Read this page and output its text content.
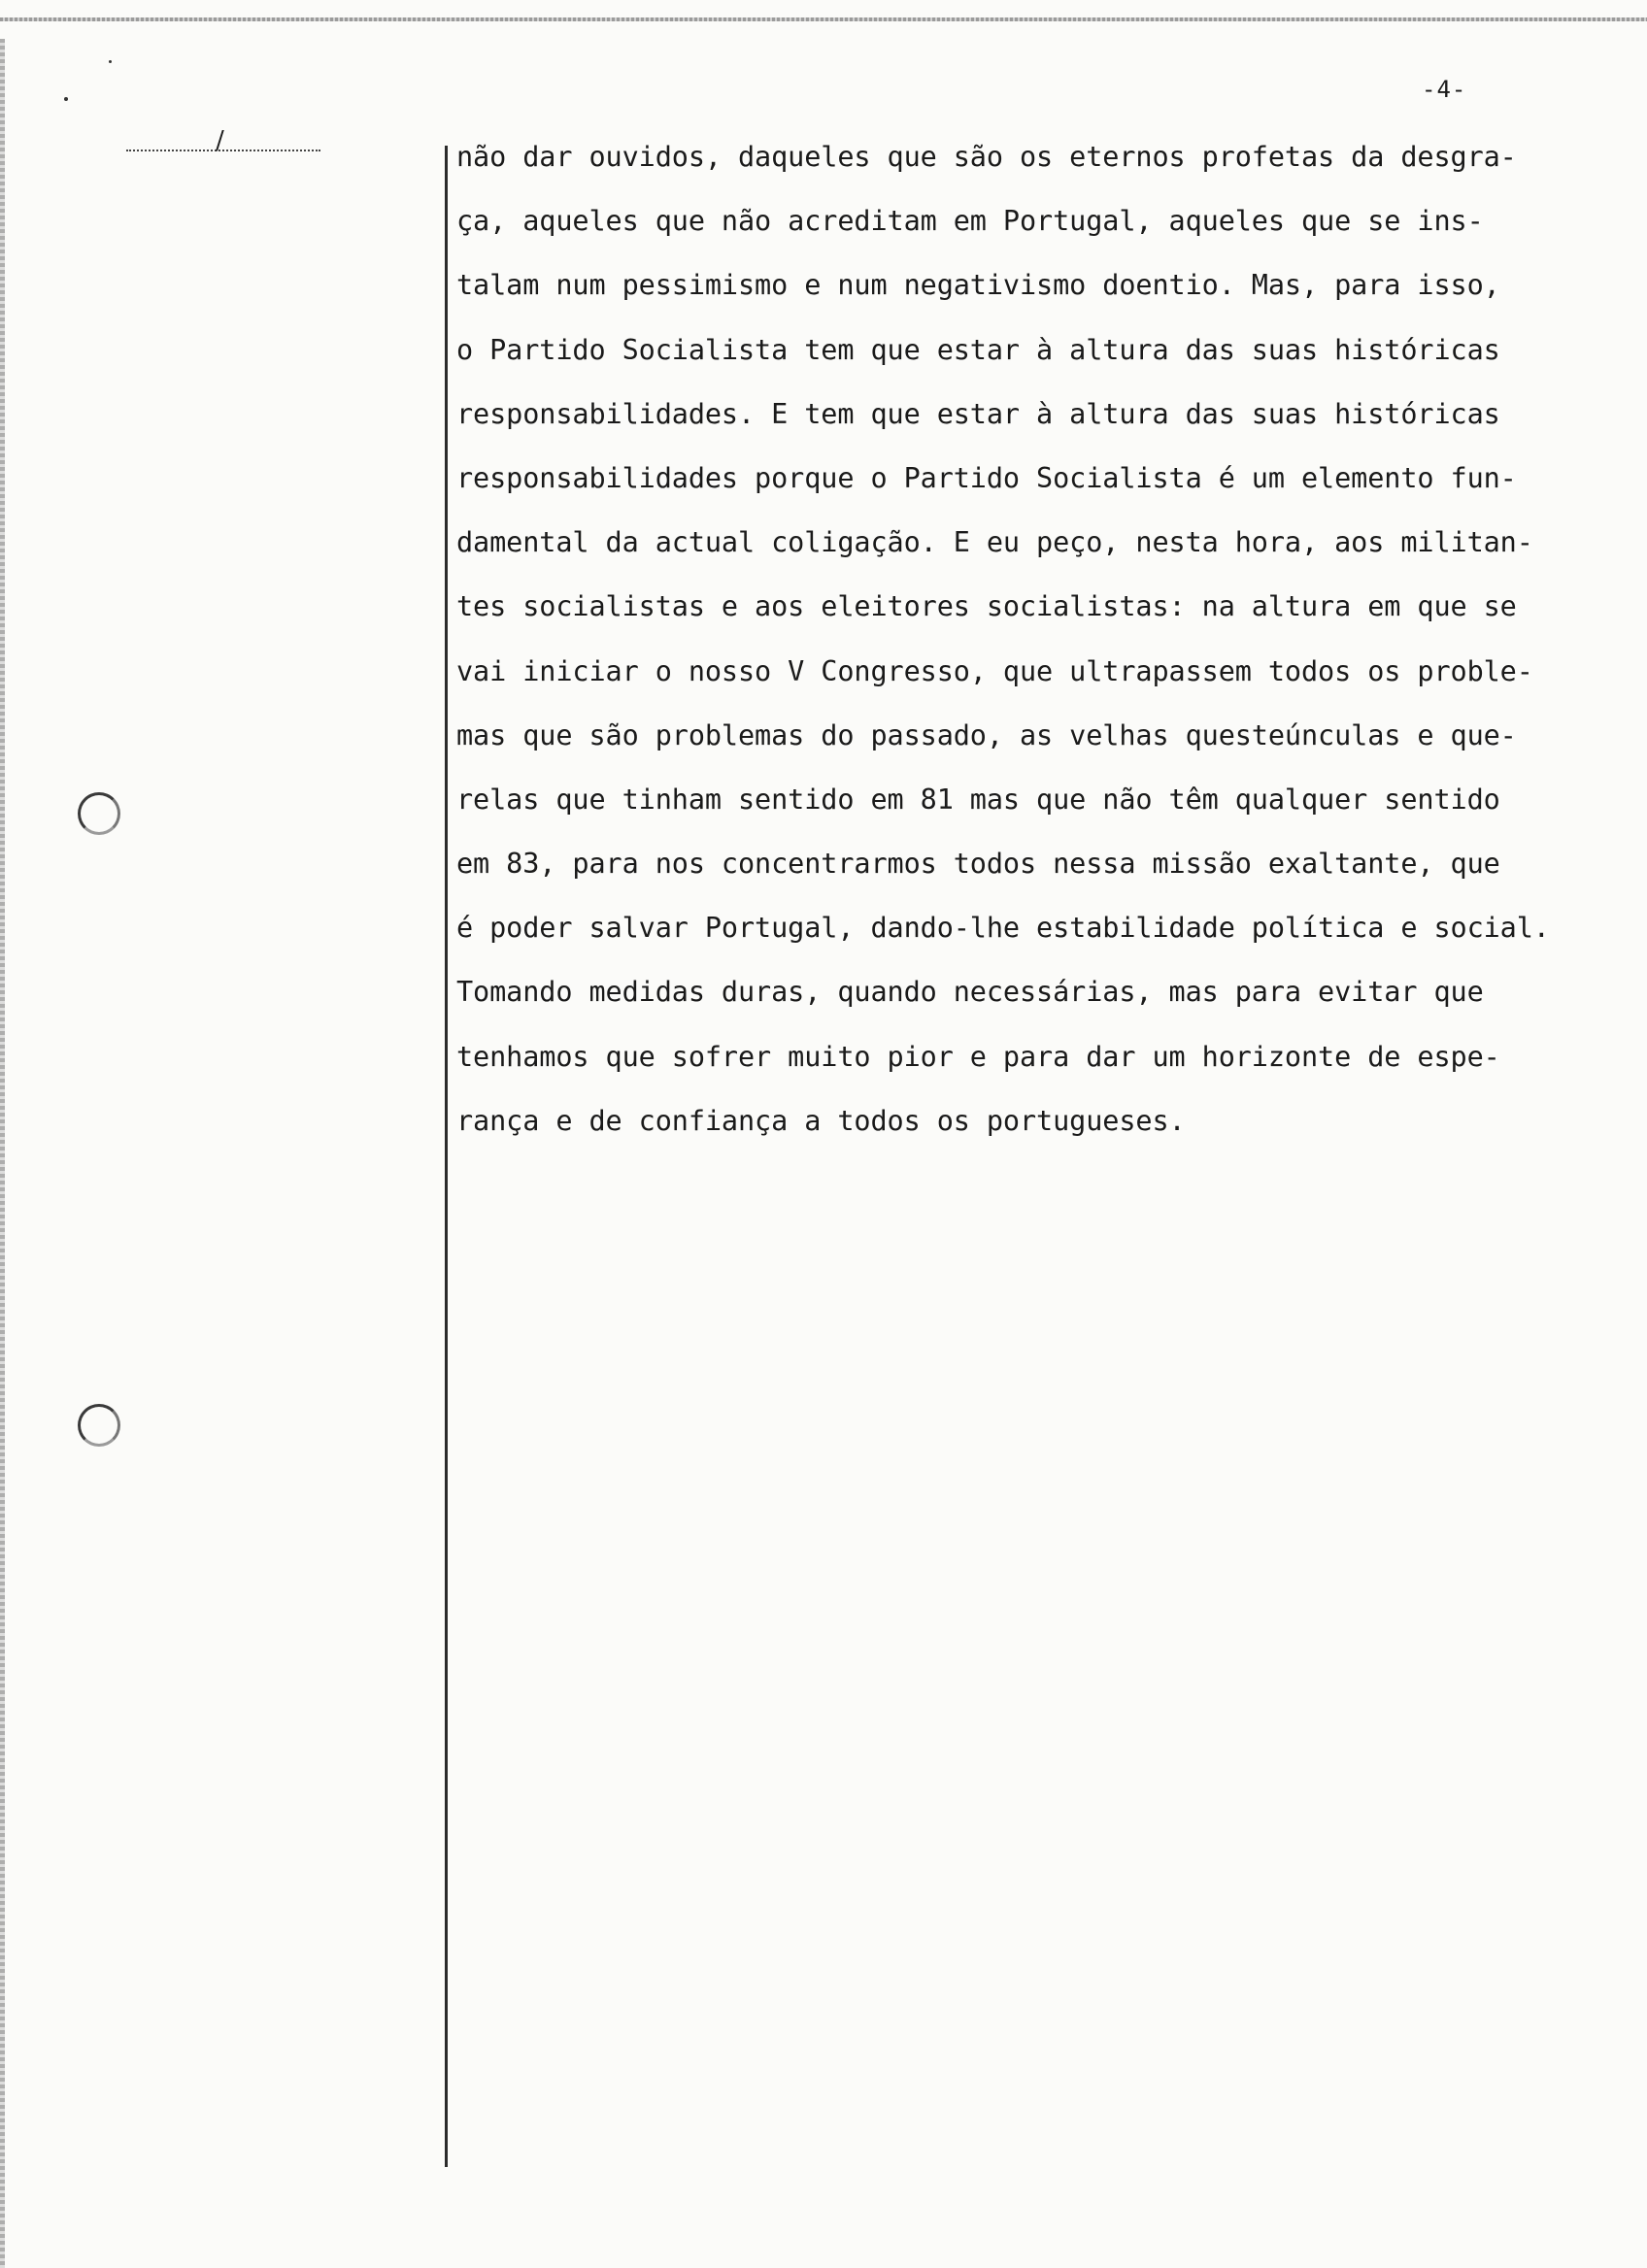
-4-
/	não dar ouvidos, daqueles que são os eternos profetas da desgra-
ça, aqueles que não acreditam em Portugal, aqueles que se ins-
talam num pessimismo e num negativismo doentio. Mas, para isso,
o Partido Socialista tem que estar à altura das suas históricas
responsabilidades. E tem que estar à altura das suas históricas
responsabilidades porque o Partido Socialista é um elemento fun-
damental da actual coligação. E eu peço, nesta hora, aos militan-
tes socialistas e aos eleitores socialistas: na altura em que se
vai iniciar o nosso V Congresso, que ultrapassem todos os proble-
mas que são problemas do passado, as velhas questeúnculas e que-
relas que tinham sentido em 81 mas que não têm qualquer sentido
em 83, para nos concentrarmos todos nessa missão exaltante, que
é poder salvar Portugal, dando-lhe estabilidade política e social.
Tomando medidas duras, quando necessárias, mas para evitar que
tenhamos que sofrer muito pior e para dar um horizonte de espe-
rança e de confiança a todos os portugueses.
